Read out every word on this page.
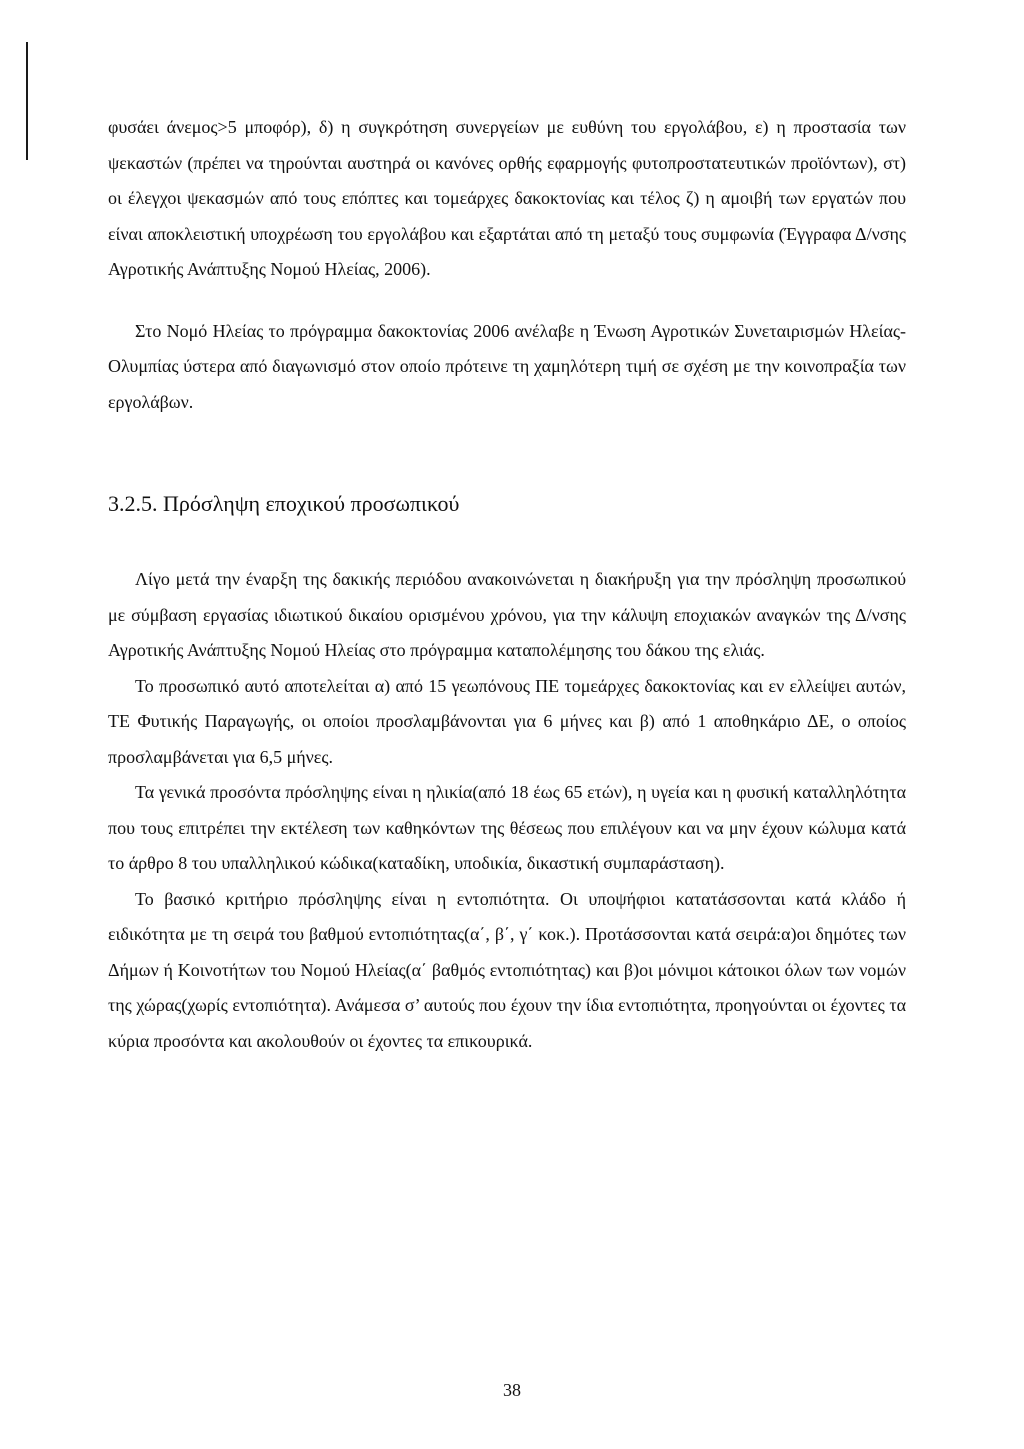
φυσάει άνεμος>5 μποφόρ), δ) η συγκρότηση συνεργείων με ευθύνη του εργολάβου, ε) η προστασία των ψεκαστών (πρέπει να τηρούνται αυστηρά οι κανόνες ορθής εφαρμογής φυτοπροστατευτικών προϊόντων), στ) οι έλεγχοι ψεκασμών από τους επόπτες και τομεάρχες δακοκτονίας και τέλος ζ) η αμοιβή των εργατών που είναι αποκλειστική υποχρέωση του εργολάβου και εξαρτάται από τη μεταξύ τους συμφωνία (Έγγραφα Δ/νσης Αγροτικής Ανάπτυξης Νομού Ηλείας, 2006).

Στο Νομό Ηλείας το πρόγραμμα δακοκτονίας 2006 ανέλαβε η Ένωση Αγροτικών Συνεταιρισμών Ηλείας-Ολυμπίας ύστερα από διαγωνισμό στον οποίο πρότεινε τη χαμηλότερη τιμή σε σχέση με την κοινοπραξία των εργολάβων.

3.2.5. Πρόσληψη εποχικού προσωπικού

Λίγο μετά την έναρξη της δακικής περιόδου ανακοινώνεται η διακήρυξη για την πρόσληψη προσωπικού με σύμβαση εργασίας ιδιωτικού δικαίου ορισμένου χρόνου, για την κάλυψη εποχιακών αναγκών της Δ/νσης Αγροτικής Ανάπτυξης Νομού Ηλείας στο πρόγραμμα καταπολέμησης του δάκου της ελιάς.

Το προσωπικό αυτό αποτελείται α) από 15 γεωπόνους ΠΕ τομεάρχες δακοκτονίας και εν ελλείψει αυτών, ΤΕ Φυτικής Παραγωγής, οι οποίοι προσλαμβάνονται για 6 μήνες και β) από 1 αποθηκάριο ΔΕ, ο οποίος προσλαμβάνεται για 6,5 μήνες.

Τα γενικά προσόντα πρόσληψης είναι η ηλικία(από 18 έως 65 ετών), η υγεία και η φυσική καταλληλότητα που τους επιτρέπει την εκτέλεση των καθηκόντων της θέσεως που επιλέγουν και να μην έχουν κώλυμα κατά το άρθρο 8 του υπαλληλικού κώδικα(καταδίκη, υποδικία, δικαστική συμπαράσταση).

Το βασικό κριτήριο πρόσληψης είναι η εντοπιότητα. Οι υποψήφιοι κατατάσσονται κατά κλάδο ή ειδικότητα με τη σειρά του βαθμού εντοπιότητας(α΄, β΄, γ΄ κοκ.). Προτάσσονται κατά σειρά:α)οι δημότες των Δήμων ή Κοινοτήτων του Νομού Ηλείας(α΄ βαθμός εντοπιότητας) και β)οι μόνιμοι κάτοικοι όλων των νομών της χώρας(χωρίς εντοπιότητα). Ανάμεσα σ’ αυτούς που έχουν την ίδια εντοπιότητα, προηγούνται οι έχοντες τα κύρια προσόντα και ακολουθούν οι έχοντες τα επικουρικά.

38
